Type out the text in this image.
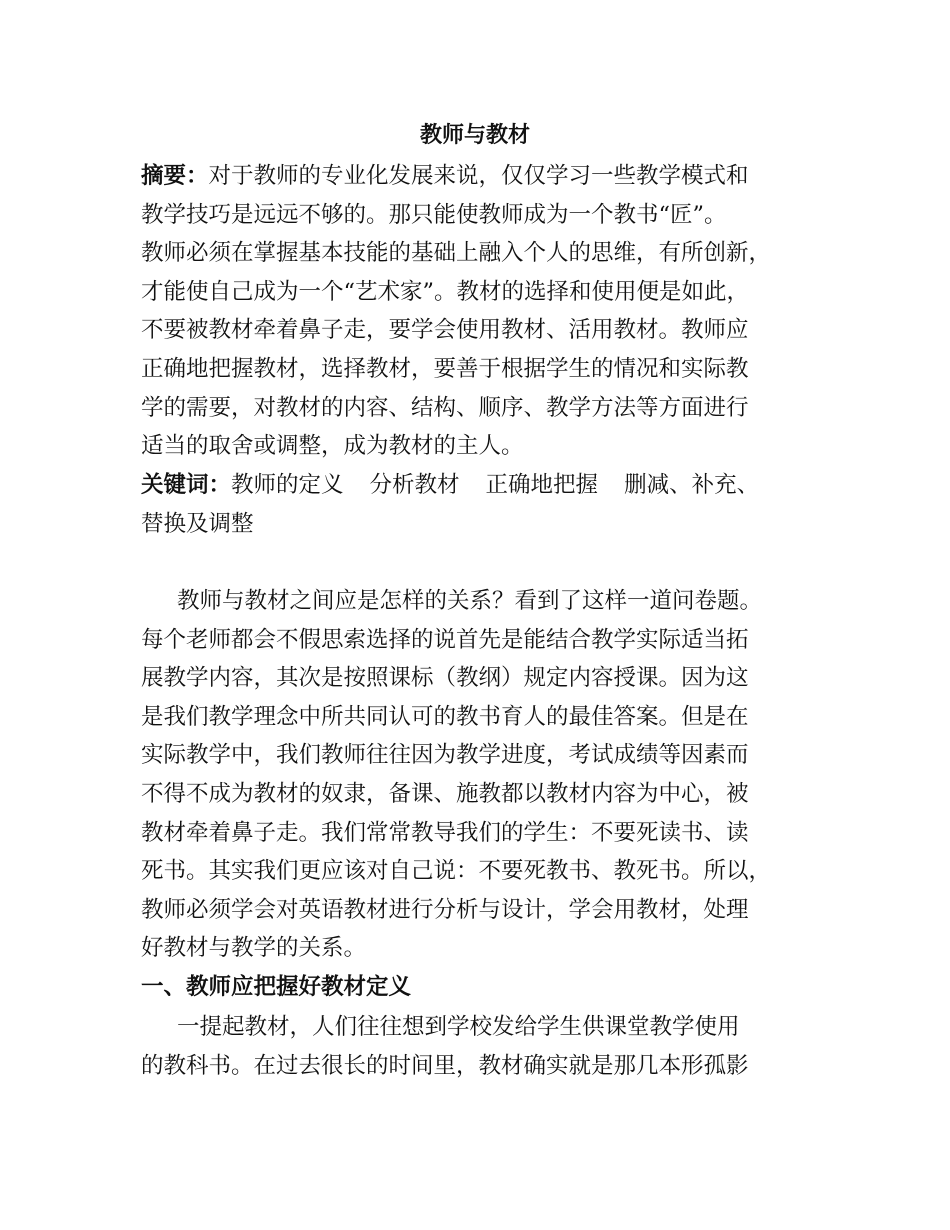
教师与教材
摘要：对于教师的专业化发展来说，仅仅学习一些教学模式和
教学技巧是远远不够的。那只能使教师成为一个教书“匠”。
教师必须在掌握基本技能的基础上融入个人的思维，有所创新，
才能使自己成为一个“艺术家”。教材的选择和使用便是如此，
不要被教材牵着鼻子走，要学会使用教材、活用教材。教师应
正确地把握教材，选择教材，要善于根据学生的情况和实际教
学的需要，对教材的内容、结构、顺序、教学方法等方面进行
适当的取舍或调整，成为教材的主人。
关键词：教师的定义 分析教材 正确地把握 删减、补充、
替换及调整
教师与教材之间应是怎样的关系？看到了这样一道问卷题。
每个老师都会不假思索选择的说首先是能结合教学实际适当拓
展教学内容，其次是按照课标（教纲）规定内容授课。因为这
是我们教学理念中所共同认可的教书育人的最佳答案。但是在
实际教学中，我们教师往往因为教学进度，考试成绩等因素而
不得不成为教材的奴隶，备课、施教都以教材内容为中心，被
教材牵着鼻子走。我们常常教导我们的学生：不要死读书、读
死书。其实我们更应该对自己说：不要死教书、教死书。所以，
教师必须学会对英语教材进行分析与设计，学会用教材，处理
好教材与教学的关系。
一、教师应把握好教材定义
一提起教材，人们往往想到学校发给学生供课堂教学使用
的教科书。在过去很长的时间里，教材确实就是那几本形孤影
